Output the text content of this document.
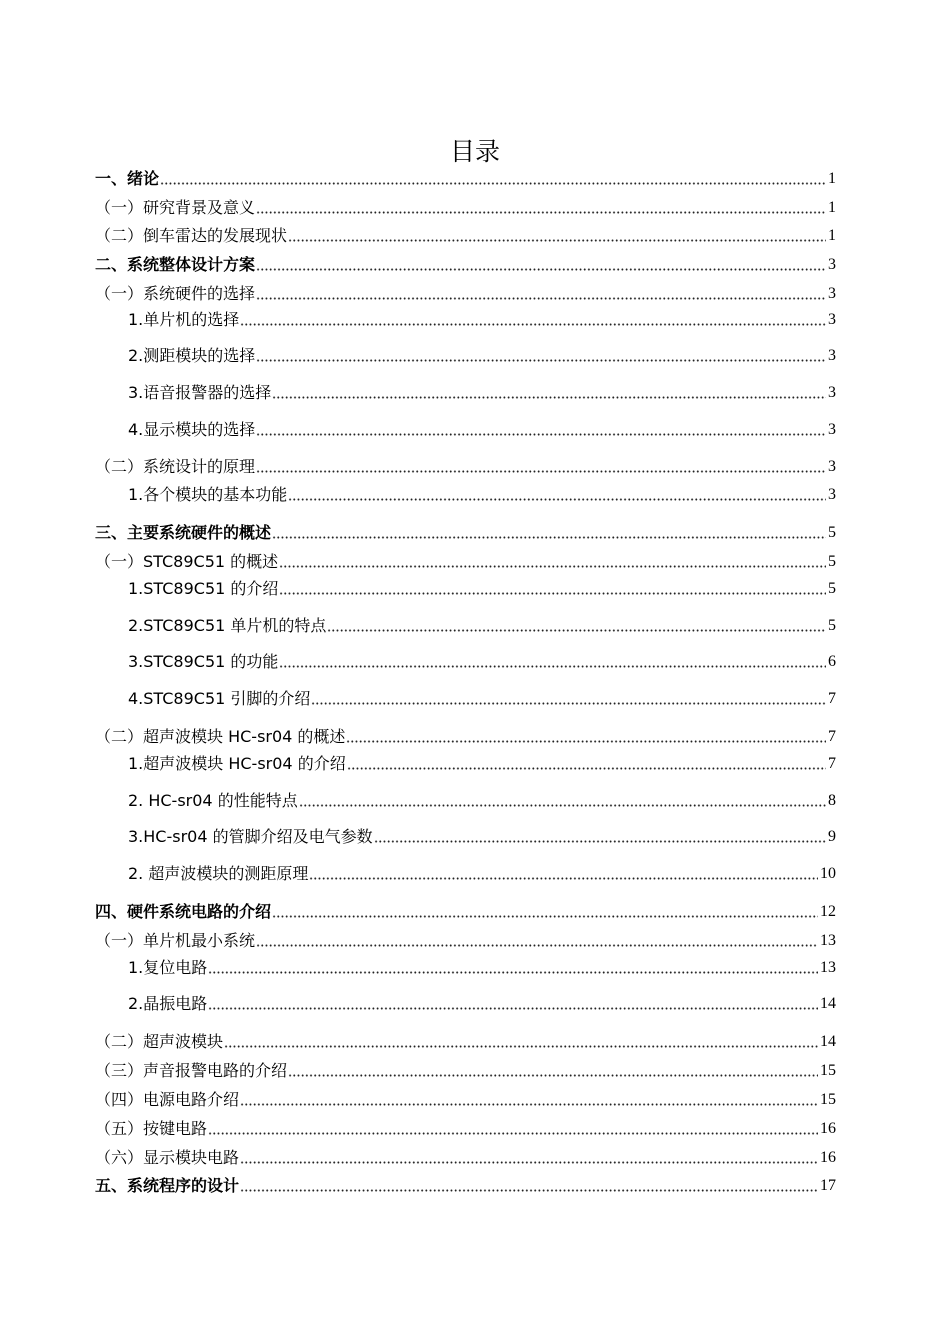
目录
一、绪论	1
（一）研究背景及意义	1
（二）倒车雷达的发展现状	1
二、系统整体设计方案	3
（一）系统硬件的选择	3
1.单片机的选择	3
2.测距模块的选择	3
3.语音报警器的选择	3
4.显示模块的选择	3
（二）系统设计的原理	3
1.各个模块的基本功能	3
三、主要系统硬件的概述	5
（一）STC89C51 的概述	5
1.STC89C51 的介绍	5
2.STC89C51 单片机的特点	5
3.STC89C51 的功能	6
4.STC89C51 引脚的介绍	7
（二）超声波模块 HC-sr04 的概述	7
1.超声波模块 HC-sr04 的介绍	7
2. HC-sr04 的性能特点	8
3.HC-sr04 的管脚介绍及电气参数	9
2. 超声波模块的测距原理	10
四、硬件系统电路的介绍	12
（一）单片机最小系统	13
1.复位电路	13
2.晶振电路	14
（二）超声波模块	14
（三）声音报警电路的介绍	15
（四）电源电路介绍	15
（五）按键电路	16
（六）显示模块电路	16
五、系统程序的设计	17
